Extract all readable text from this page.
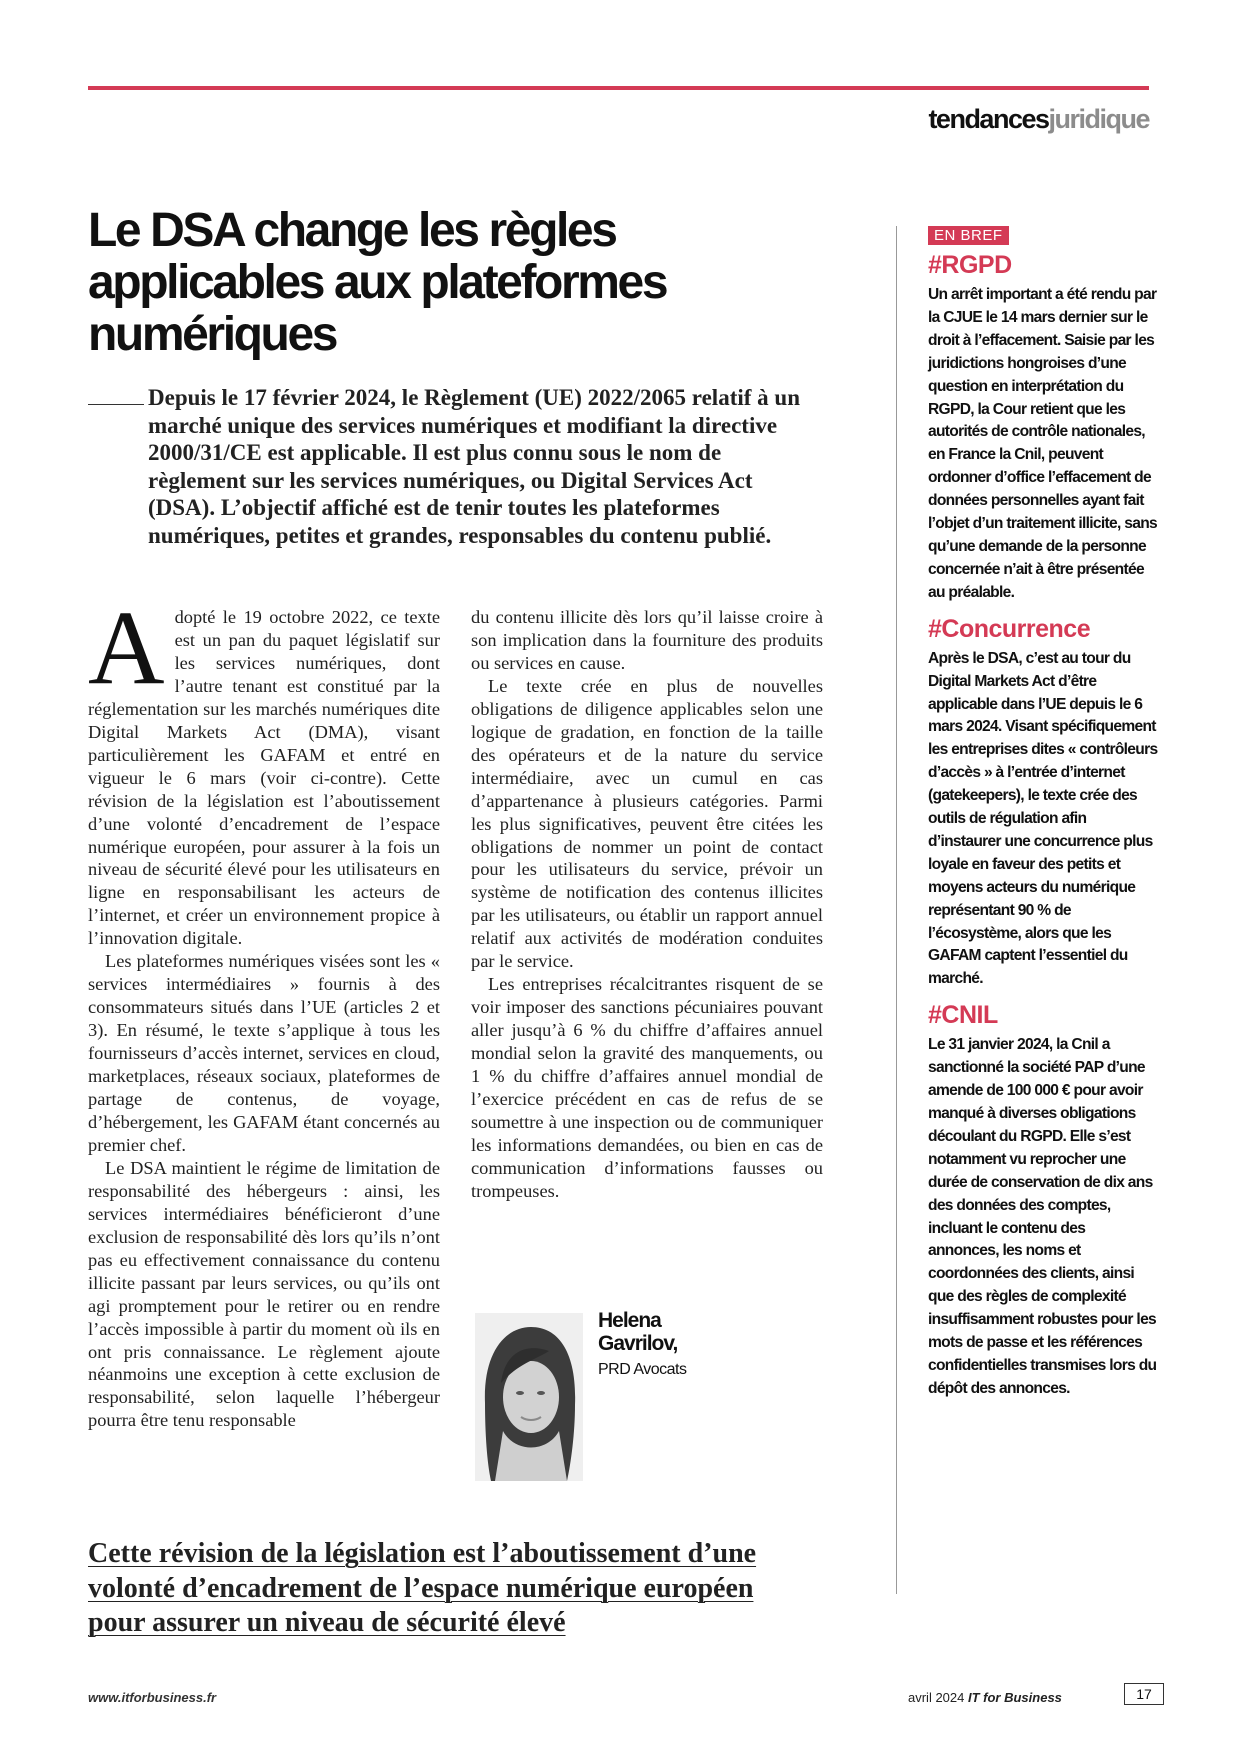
tendancesjuridique
Le DSA change les règles applicables aux plateformes numériques

Depuis le 17 février 2024, le Règlement (UE) 2022/2065 relatif à un marché unique des services numériques et modifiant la directive 2000/31/CE est applicable. Il est plus connu sous le nom de règlement sur les services numériques, ou Digital Services Act (DSA). L’objectif affiché est de tenir toutes les plateformes numériques, petites et grandes, responsables du contenu publié.

Adopté le 19 octobre 2022, ce texte est un pan du paquet législatif sur les services numériques, dont l’autre tenant est constitué par la réglementation sur les marchés numériques dite Digital Markets Act (DMA), visant particulièrement les GAFAM et entré en vigueur le 6 mars (voir ci-contre). Cette révision de la législation est l’aboutissement d’une volonté d’encadrement de l’espace numérique européen, pour assurer à la fois un niveau de sécurité élevé pour les utilisateurs en ligne en responsabilisant les acteurs de l’internet, et créer un environnement propice à l’innovation digitale.

Les plateformes numériques visées sont les « services intermédiaires » fournis à des consommateurs situés dans l’UE (articles 2 et 3). En résumé, le texte s’applique à tous les fournisseurs d’accès internet, services en cloud, marketplaces, réseaux sociaux, plateformes de partage de contenus, de voyage, d’hébergement, les GAFAM étant concernés au premier chef.

Le DSA maintient le régime de limitation de responsabilité des hébergeurs : ainsi, les services intermédiaires bénéficieront d’une exclusion de responsabilité dès lors qu’ils n’ont pas eu effectivement connaissance du contenu illicite passant par leurs services, ou qu’ils ont agi promptement pour le retirer ou en rendre l’accès impossible à partir du moment où ils en ont pris connaissance. Le règlement ajoute néanmoins une exception à cette exclusion de responsabilité, selon laquelle l’hébergeur pourra être tenu responsable

du contenu illicite dès lors qu’il laisse croire à son implication dans la fourniture des produits ou services en cause.

Le texte crée en plus de nouvelles obligations de diligence applicables selon une logique de gradation, en fonction de la taille des opérateurs et de la nature du service intermédiaire, avec un cumul en cas d’appartenance à plusieurs catégories. Parmi les plus significatives, peuvent être citées les obligations de nommer un point de contact pour les utilisateurs du service, prévoir un système de notification des contenus illicites par les utilisateurs, ou établir un rapport annuel relatif aux activités de modération conduites par le service.

Les entreprises récalcitrantes risquent de se voir imposer des sanctions pécuniaires pouvant aller jusqu’à 6 % du chiffre d’affaires annuel mondial selon la gravité des manquements, ou 1 % du chiffre d’affaires annuel mondial de l’exercice précédent en cas de refus de se soumettre à une inspection ou de communiquer les informations demandées, ou bien en cas de communication d’informations fausses ou trompeuses.

Helena Gavrilov,
PRD Avocats

Cette révision de la législation est l’aboutissement d’une volonté d’encadrement de l’espace numérique européen pour assurer un niveau de sécurité élevé

EN BREF
#RGPD

Un arrêt important a été rendu par la CJUE le 14 mars dernier sur le droit à l’effacement. Saisie par les juridictions hongroises d’une question en interprétation du RGPD, la Cour retient que les autorités de contrôle nationales, en France la Cnil, peuvent ordonner d’office l’effacement de données personnelles ayant fait l’objet d’un traitement illicite, sans qu’une demande de la personne concernée n’ait à être présentée au préalable.

#Concurrence

Après le DSA, c’est au tour du Digital Markets Act d’être applicable dans l’UE depuis le 6 mars 2024. Visant spécifiquement les entreprises dites « contrôleurs d’accès » à l’entrée d’internet (gatekeepers), le texte crée des outils de régulation afin d’instaurer une concurrence plus loyale en faveur des petits et moyens acteurs du numérique représentant 90 % de l’écosystème, alors que les GAFAM captent l’essentiel du marché.

#CNIL

Le 31 janvier 2024, la Cnil a sanctionné la société PAP d’une amende de 100 000 € pour avoir manqué à diverses obligations découlant du RGPD. Elle s’est notamment vu reprocher une durée de conservation de dix ans des données des comptes, incluant le contenu des annonces, les noms et coordonnées des clients, ainsi que des règles de complexité insuffisamment robustes pour les mots de passe et les références confidentielles transmises lors du dépôt des annonces.

www.itforbusiness.fr	avril 2024 IT for Business	17
